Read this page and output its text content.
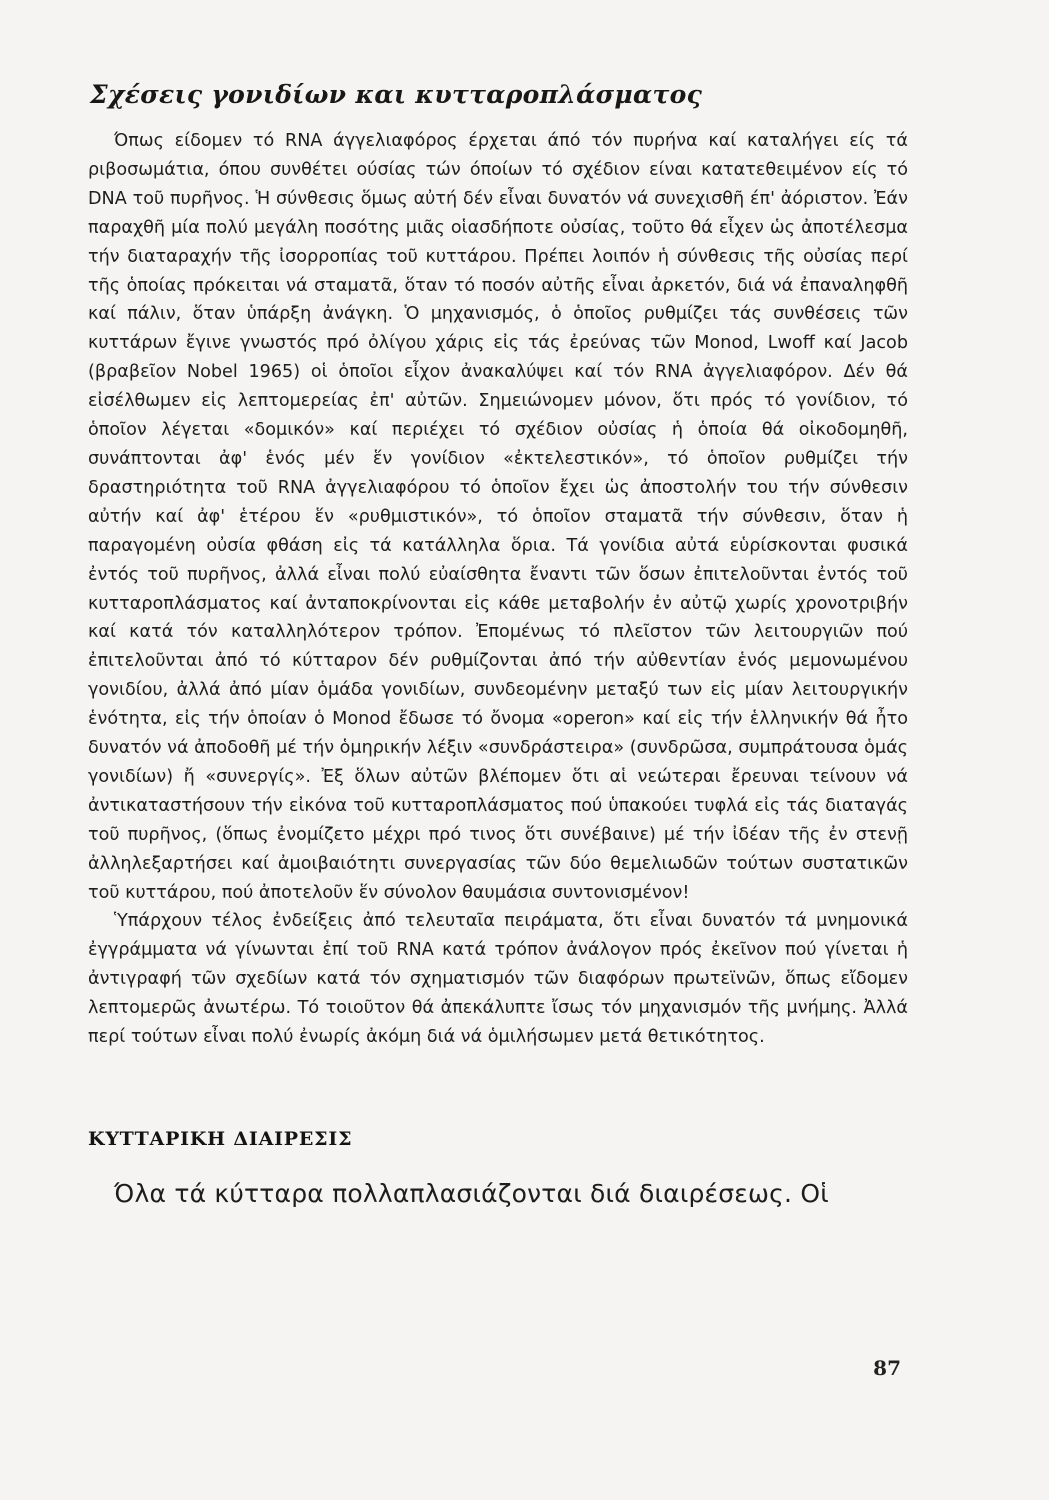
Σχέσεις γονιδίων και κυτταροπλάσματος

Όπως είδομεν τό RNA άγγελιαφόρος έρχεται άπό τόν πυρήνα καί καταλήγει είς τά ριβοσωμάτια, όπου συνθέτει ούσίας τών όποίων τό σχέδιον είναι κατατεθειμένον είς τό DNA τοῦ πυρῆνος. Ἡ σύνθεσις ὅμως αὐτή δέν εἶναι δυνατόν νά συνεχισθῆ έπ' ἀόριστον. Ἐάν παραχθῆ μία πολύ μεγάλη ποσότης μιᾶς οἱασδήποτε οὐσίας, τοῦτο θά εἶχεν ὡς ἀποτέλεσμα τήν διαταραχήν τῆς ἰσορροπίας τοῦ κυττάρου. Πρέπει λοιπόν ἡ σύνθεσις τῆς οὐσίας περί τῆς ὁποίας πρόκειται νά σταματᾶ, ὅταν τό ποσόν αὐτῆς εἶναι ἀρκετόν, διά νά ἐπαναληφθῆ καί πάλιν, ὅταν ὑπάρξη ἀνάγκη. Ὁ μηχανισμός, ὁ ὁποῖος ρυθμίζει τάς συνθέσεις τῶν κυττάρων ἔγινε γνωστός πρό ὀλίγου χάρις εἰς τάς ἐρεύνας τῶν Monod, Lwoff καί Jacob (βραβεῖον Nobel 1965) οἱ ὁποῖοι εἶχον ἀνακαλύψει καί τόν RNA ἀγγελιαφόρον. Δέν θά εἰσέλθωμεν εἰς λεπτομερείας ἐπ' αὐτῶν. Σημειώνομεν μόνον, ὅτι πρός τό γονίδιον, τό ὁποῖον λέγεται «δομικόν» καί περιέχει τό σχέδιον οὐσίας ἡ ὁποία θά οἰκοδομηθῆ, συνάπτονται ἀφ' ἑνός μέν ἕν γονίδιον «ἐκτελεστικόν», τό ὁποῖον ρυθμίζει τήν δραστηριότητα τοῦ RNA ἀγγελιαφόρου τό ὁποῖον ἔχει ὡς ἀποστολήν του τήν σύνθεσιν αὐτήν καί ἀφ' ἑτέρου ἕν «ρυθμιστικόν», τό ὁποῖον σταματᾶ τήν σύνθεσιν, ὅταν ἡ παραγομένη οὐσία φθάση εἰς τά κατάλληλα ὅρια. Τά γονίδια αὐτά εὑρίσκονται φυσικά ἐντός τοῦ πυρῆνος, ἀλλά εἶναι πολύ εὐαίσθητα ἔναντι τῶν ὅσων ἐπιτελοῦνται ἐντός τοῦ κυτταροπλάσματος καί ἀνταποκρίνονται εἰς κάθε μεταβολήν ἐν αὐτῷ χωρίς χρονοτριβήν καί κατά τόν καταλληλότερον τρόπον. Ἐπομένως τό πλεῖστον τῶν λειτουργιῶν πού ἐπιτελοῦνται ἀπό τό κύτταρον δέν ρυθμίζονται ἀπό τήν αὐθεντίαν ἑνός μεμονωμένου γονιδίου, ἀλλά ἀπό μίαν ὁμάδα γονιδίων, συνδεομένην μεταξύ των εἰς μίαν λειτουργικήν ἑνότητα, εἰς τήν ὁποίαν ὁ Monod ἔδωσε τό ὄνομα «operon» καί εἰς τήν ἑλληνικήν θά ἦτο δυνατόν νά ἀποδοθῆ μέ τήν ὁμηρικήν λέξιν «συνδράστειρα» (συνδρῶσα, συμπράτουσα ὁμάς γονιδίων) ἤ «συνεργίς». Ἐξ ὅλων αὐτῶν βλέπομεν ὅτι αἱ νεώτεραι ἔρευναι τείνουν νά ἀντικαταστήσουν τήν εἰκόνα τοῦ κυτταροπλάσματος πού ὑπακούει τυφλά εἰς τάς διαταγάς τοῦ πυρῆνος, (ὅπως ἐνομίζετο μέχρι πρό τινος ὅτι συνέβαινε) μέ τήν ἰδέαν τῆς ἐν στενῇ ἀλληλεξαρτήσει καί ἀμοιβαιότητι συνεργασίας τῶν δύο θεμελιωδῶν τούτων συστατικῶν τοῦ κυττάρου, πού ἀποτελοῦν ἕν σύνολον θαυμάσια συντονισμένον!

Ὑπάρχουν τέλος ἐνδείξεις ἀπό τελευταῖα πειράματα, ὅτι εἶναι δυνατόν τά μνημονικά ἐγγράμματα νά γίνωνται ἐπί τοῦ RNA κατά τρόπον ἀνάλογον πρός ἐκεῖνον πού γίνεται ἡ ἀντιγραφή τῶν σχεδίων κατά τόν σχηματισμόν τῶν διαφόρων πρωτεϊνῶν, ὅπως εἴδομεν λεπτομερῶς ἀνωτέρω. Τό τοιοῦτον θά ἀπεκάλυπτε ἴσως τόν μηχανισμόν τῆς μνήμης. Ἀλλά περί τούτων εἶναι πολύ ἐνωρίς ἀκόμη διά νά ὁμιλήσωμεν μετά θετικότητος.

ΚΥΤΤΑΡΙΚΗ ΔΙΑΙΡΕΣΙΣ

Όλα τά κύτταρα πολλαπλασιάζονται διά διαιρέσεως. Οἱ

87
